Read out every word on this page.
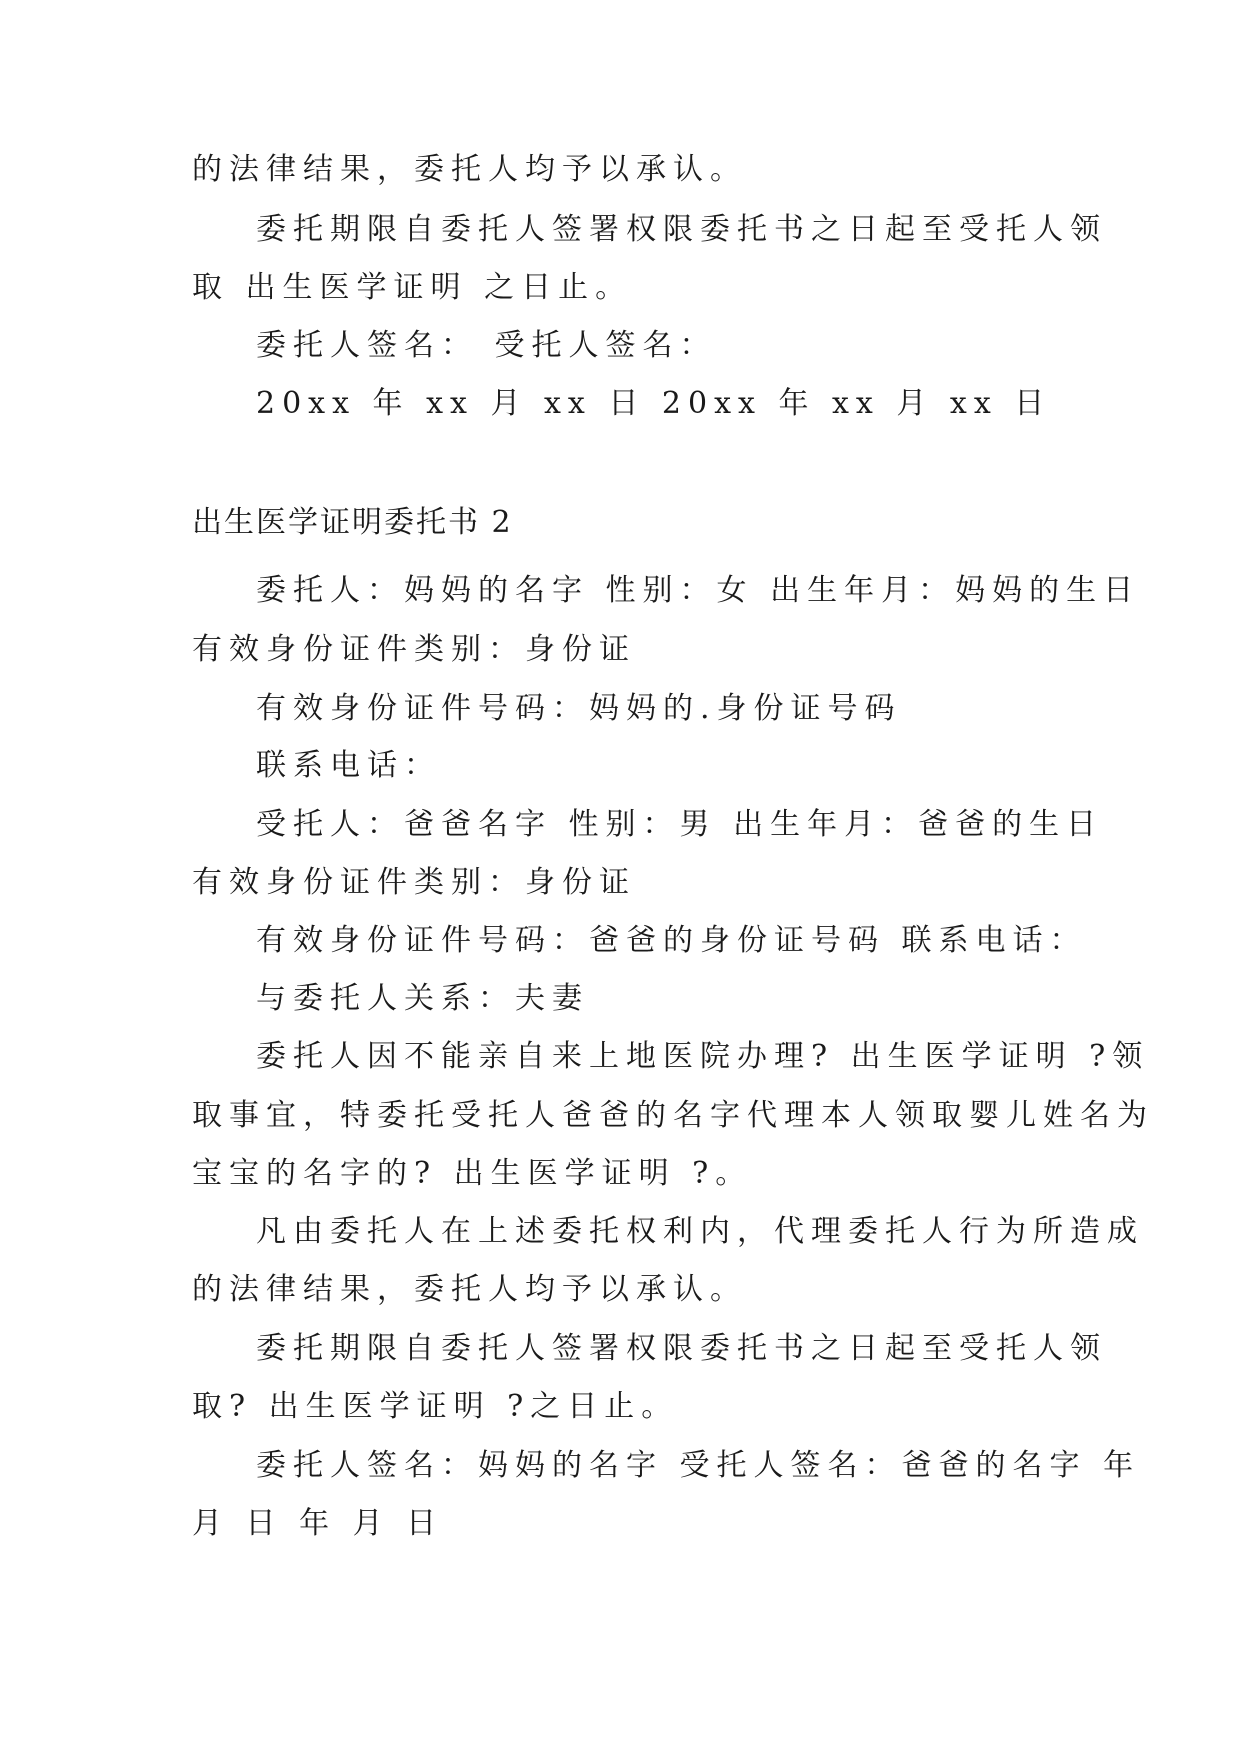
的法律结果，委托人均予以承认。
委托期限自委托人签署权限委托书之日起至受托人领
取 出生医学证明 之日止。
委托人签名： 受托人签名：
20xx 年 xx 月 xx 日 20xx 年 xx 月 xx 日
出生医学证明委托书 2
委托人：妈妈的名字 性别：女 出生年月：妈妈的生日
有效身份证件类别：身份证
有效身份证件号码：妈妈的.身份证号码
联系电话：
受托人：爸爸名字 性别：男 出生年月：爸爸的生日
有效身份证件类别：身份证
有效身份证件号码：爸爸的身份证号码 联系电话：
与委托人关系：夫妻
委托人因不能亲自来上地医院办理? 出生医学证明 ?领
取事宜，特委托受托人爸爸的名字代理本人领取婴儿姓名为
宝宝的名字的? 出生医学证明 ?。
凡由委托人在上述委托权利内，代理委托人行为所造成
的法律结果，委托人均予以承认。
委托期限自委托人签署权限委托书之日起至受托人领
取? 出生医学证明 ?之日止。
委托人签名：妈妈的名字 受托人签名：爸爸的名字 年
月 日 年 月 日
